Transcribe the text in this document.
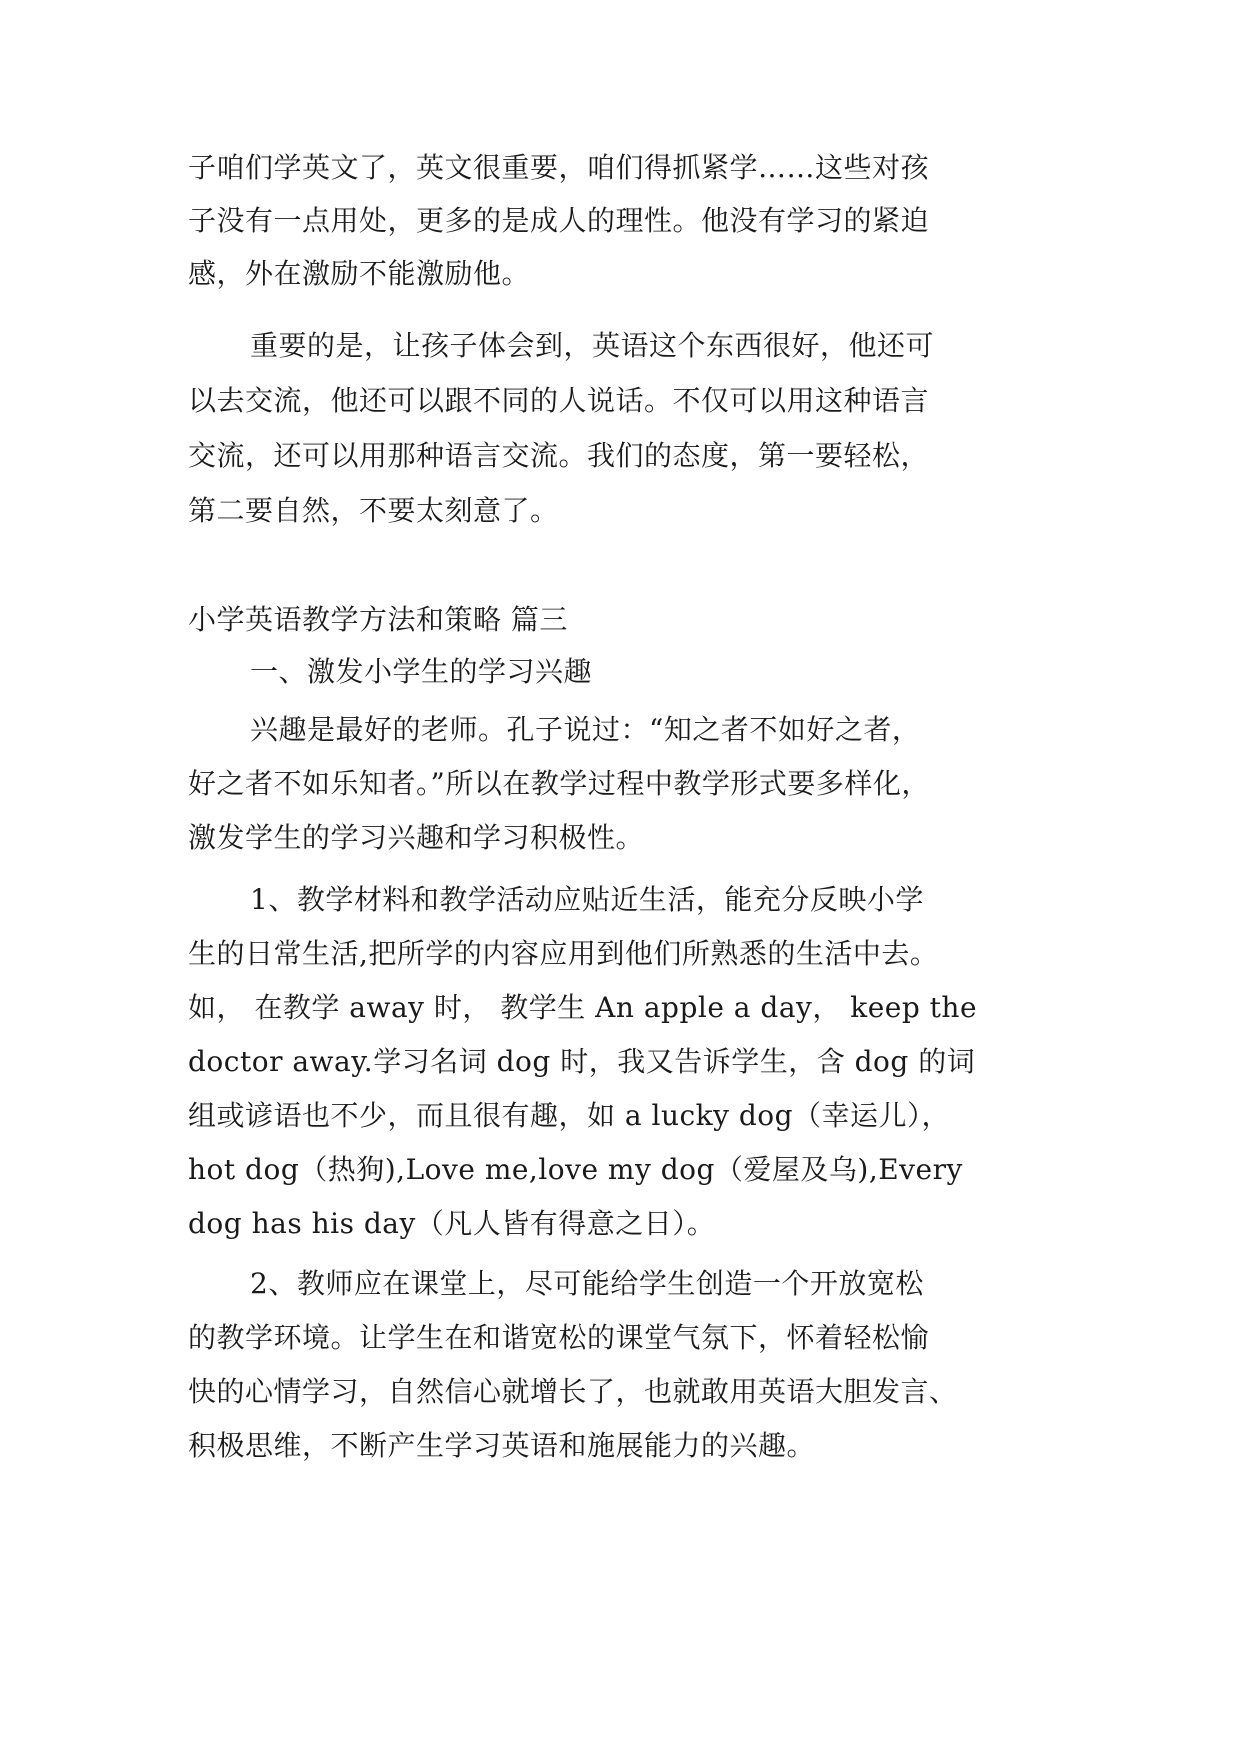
子咱们学英文了，英文很重要，咱们得抓紧学……这些对孩

子没有一点用处，更多的是成人的理性。他没有学习的紧迫

感，外在激励不能激励他。

重要的是，让孩子体会到，英语这个东西很好，他还可

以去交流，他还可以跟不同的人说话。不仅可以用这种语言

交流，还可以用那种语言交流。我们的态度，第一要轻松，

第二要自然，不要太刻意了。

小学英语教学方法和策略 篇三

一、激发小学生的学习兴趣

兴趣是最好的老师。孔子说过：“知之者不如好之者，

好之者不如乐知者。”所以在教学过程中教学形式要多样化，

激发学生的学习兴趣和学习积极性。

1、教学材料和教学活动应贴近生活，能充分反映小学

生的日常生活,把所学的内容应用到他们所熟悉的生活中去。

如， 在教学 away 时， 教学生 An apple a day， keep the

doctor away.学习名词 dog 时，我又告诉学生，含 dog 的词

组或谚语也不少，而且很有趣，如 a lucky dog（幸运儿），

hot dog（热狗),Love me,love my dog（爱屋及乌),Every

dog has his day（凡人皆有得意之日）。

2、教师应在课堂上，尽可能给学生创造一个开放宽松

的教学环境。让学生在和谐宽松的课堂气氛下，怀着轻松愉

快的心情学习，自然信心就增长了，也就敢用英语大胆发言、

积极思维，不断产生学习英语和施展能力的兴趣。
